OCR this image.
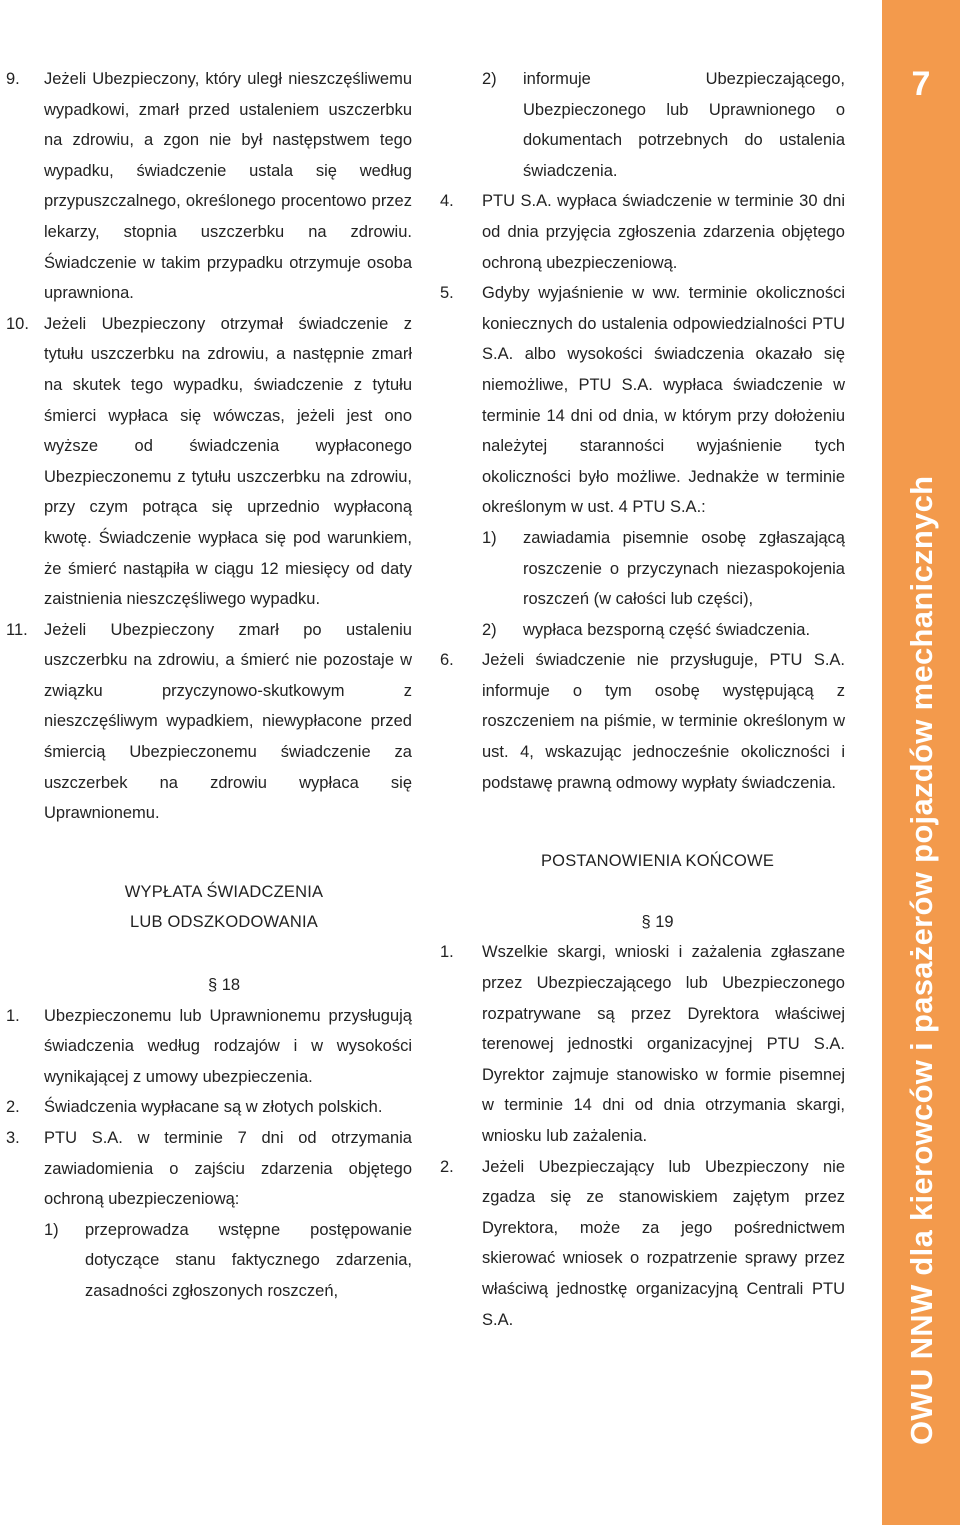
9.	Jeżeli Ubezpieczony, który uległ nieszczęśliwemu wypadkowi, zmarł przed ustaleniem uszczerbku na zdrowiu, a zgon nie był następstwem tego wypadku, świadczenie ustala się według przypuszczalnego, określonego procentowo przez lekarzy, stopnia uszczerbku na zdrowiu. Świadczenie w takim przypadku otrzymuje osoba uprawniona.
10. Jeżeli Ubezpieczony otrzymał świadczenie z tytułu uszczerbku na zdrowiu, a następnie zmarł na skutek tego wypadku, świadczenie z tytułu śmierci wypłaca się wówczas, jeżeli jest ono wyższe od świadczenia wypłaconego Ubezpieczonemu z tytułu uszczerbku na zdrowiu, przy czym potrąca się uprzednio wypłaconą kwotę. Świadczenie wypłaca się pod warunkiem, że śmierć nastąpiła w ciągu 12 miesięcy od daty zaistnienia nieszczęśliwego wypadku.
11. Jeżeli Ubezpieczony zmarł po ustaleniu uszczerbku na zdrowiu, a śmierć nie pozostaje w związku przyczynowo-skutkowym z nieszczęśliwym wypadkiem, niewypłacone przed śmiercią Ubezpieczonemu świadczenie za uszczerbek na zdrowiu wypłaca się Uprawnionemu.
WYPŁATA ŚWIADCZENIA
LUB ODSZKODOWANIA
§ 18
1.	Ubezpieczonemu lub Uprawnionemu przysługują świadczenia według rodzajów i w wysokości wynikającej z umowy ubezpieczenia.
2.	Świadczenia wypłacane są w złotych polskich.
3.	PTU S.A. w terminie 7 dni od otrzymania zawiadomienia o zajściu zdarzenia objętego ochroną ubezpieczeniową:
1)	przeprowadza wstępne postępowanie dotyczące stanu faktycznego zdarzenia, zasadności zgłoszonych roszczeń,
2)	informuje Ubezpieczającego, Ubezpieczonego lub Uprawnionego o dokumentach potrzebnych do ustalenia świadczenia.
4.	PTU S.A. wypłaca świadczenie w terminie 30 dni od dnia przyjęcia zgłoszenia zdarzenia objętego ochroną ubezpieczeniową.
5.	Gdyby wyjaśnienie w ww. terminie okoliczności koniecznych do ustalenia odpowiedzialności PTU S.A. albo wysokości świadczenia okazało się niemożliwe, PTU S.A. wypłaca świadczenie w terminie 14 dni od dnia, w którym przy dołożeniu należytej staranności wyjaśnienie tych okoliczności było możliwe. Jednakże w terminie określonym w ust. 4 PTU S.A.:
1)	zawiadamia pisemnie osobę zgłaszającą roszczenie o przyczynach niezaspokojenia roszczeń (w całości lub części),
2)	wypłaca bezsporną część świadczenia.
6.	Jeżeli świadczenie nie przysługuje, PTU S.A. informuje o tym osobę występującą z roszczeniem na piśmie, w terminie określonym w ust. 4, wskazując jednocześnie okoliczności i podstawę prawną odmowy wypłaty świadczenia.
POSTANOWIENIA KOŃCOWE
§ 19
1.	Wszelkie skargi, wnioski i zażalenia zgłaszane przez Ubezpieczającego lub Ubezpieczonego rozpatrywane są przez Dyrektora właściwej terenowej jednostki organizacyjnej PTU S.A. Dyrektor zajmuje stanowisko w formie pisemnej w terminie 14 dni od dnia otrzymania skargi, wniosku lub zażalenia.
2.	Jeżeli Ubezpieczający lub Ubezpieczony nie zgadza się ze stanowiskiem zajętym przez Dyrektora, może za jego pośrednictwem skierować wniosek o rozpatrzenie sprawy przez właściwą jednostkę organizacyjną Centrali PTU S.A.
7
OWU NNW dla kierowców i pasażerów pojazdów mechanicznych
